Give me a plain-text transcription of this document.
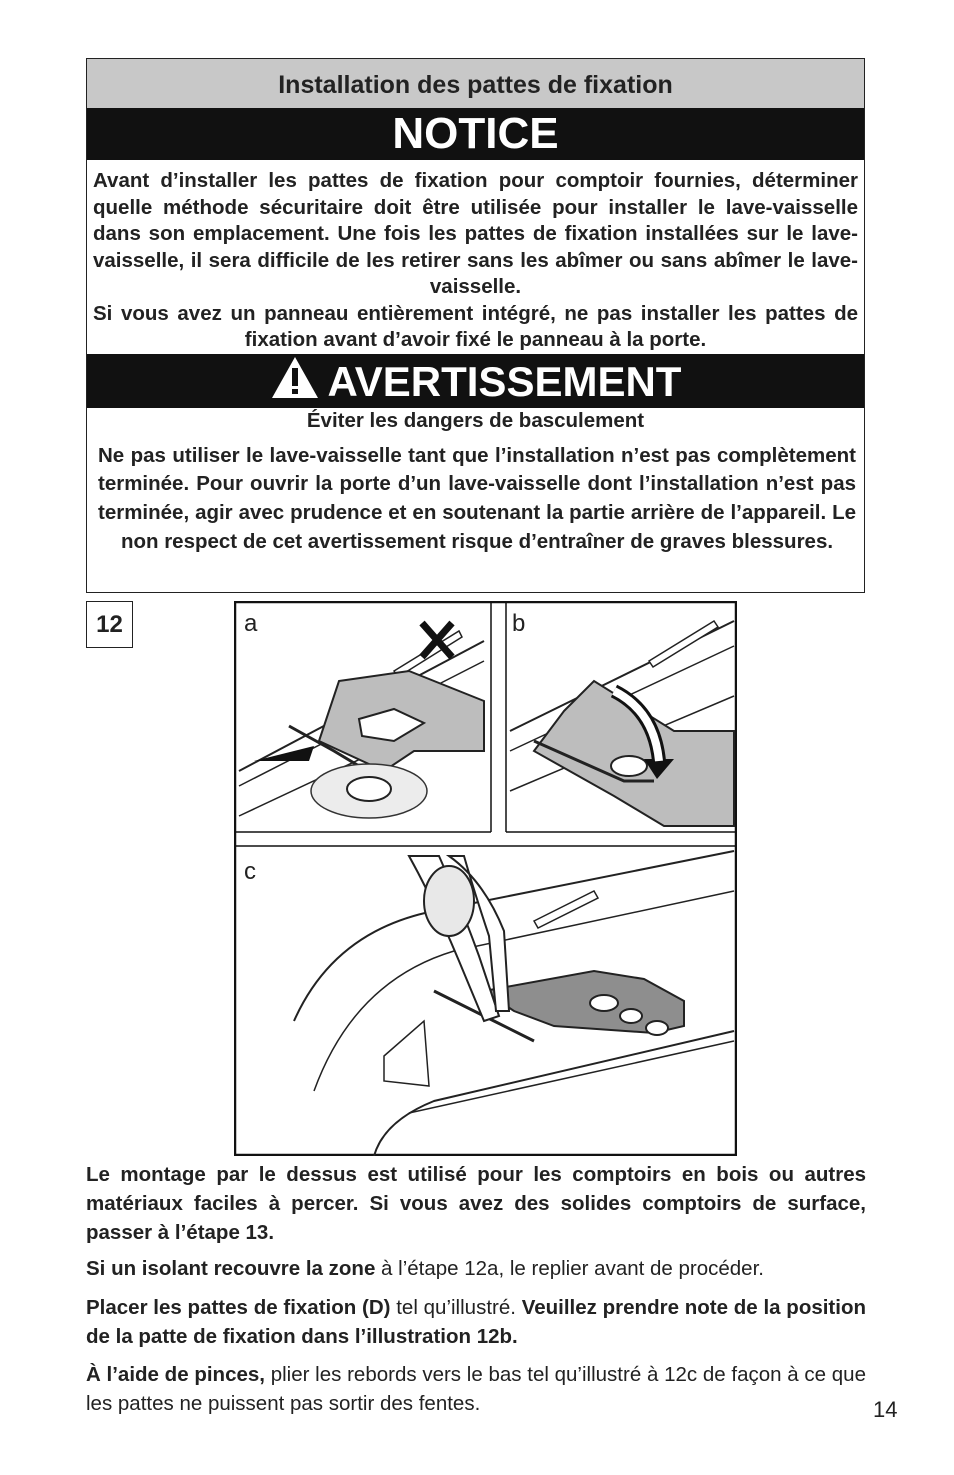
Installation des pattes de fixation
NOTICE
Avant d’installer les pattes de fixation pour comptoir fournies, déterminer quelle méthode sécuritaire doit être utilisée pour installer le lave-vaisselle dans son emplacement. Une fois les pattes de fixation installées sur le lave-vaisselle, il sera difficile de les retirer sans les abîmer ou sans abîmer le lave-vaisselle.
Si vous avez un panneau entièrement intégré, ne pas installer les pattes de fixation avant d’avoir fixé le panneau à la porte.
AVERTISSEMENT
Éviter les dangers de basculement
Ne pas utiliser le lave-vaisselle tant que l’installation n’est pas complètement terminée. Pour ouvrir la porte d’un lave-vaisselle dont l’installation n’est pas terminée, agir avec prudence et en soutenant la partie arrière de l’appareil. Le non respect de cet avertissement risque d’entraîner de graves blessures.
12	a	b
c

Le montage par le dessus est utilisé pour les comptoirs en bois ou autres matériaux faciles à percer. Si vous avez des solides comptoirs de surface, passer à l’étape 13.

Si un isolant recouvre la zone à l’étape 12a, le replier avant de procéder.

Placer les pattes de fixation (D) tel qu’illustré. Veuillez prendre note de la position de la patte de fixation dans l’illustration 12b.

À l’aide de pinces, plier les rebords vers le bas tel qu’illustré à 12c de façon à ce que les pattes ne puissent pas sortir des fentes.	14
